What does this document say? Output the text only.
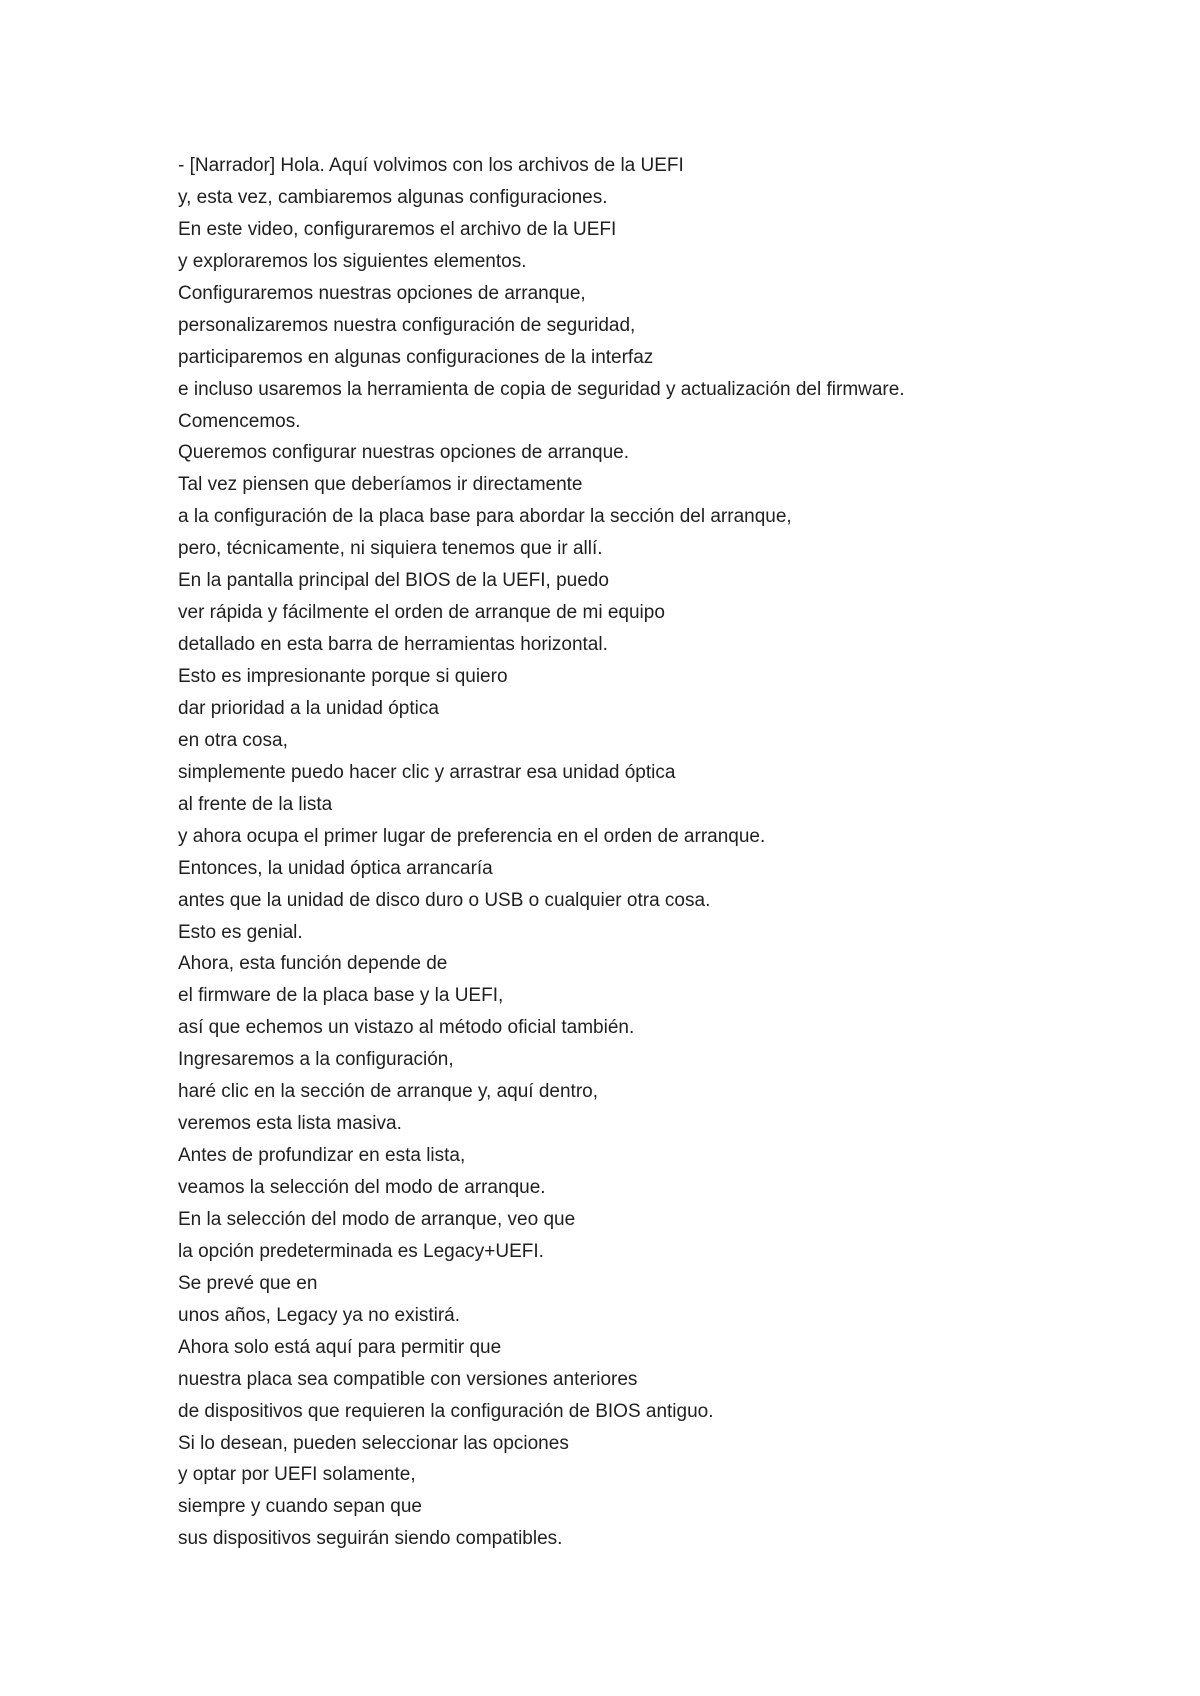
- [Narrador] Hola. Aquí volvimos con los archivos de la UEFI
y, esta vez, cambiaremos algunas configuraciones.
En este video, configuraremos el archivo de la UEFI
y exploraremos los siguientes elementos.
Configuraremos nuestras opciones de arranque,
personalizaremos nuestra configuración de seguridad,
participaremos en algunas configuraciones de la interfaz
e incluso usaremos la herramienta de copia de seguridad y actualización del firmware.
Comencemos.
Queremos configurar nuestras opciones de arranque.
Tal vez piensen que deberíamos ir directamente
a la configuración de la placa base para abordar la sección del arranque,
pero, técnicamente, ni siquiera tenemos que ir allí.
En la pantalla principal del BIOS de la UEFI, puedo
ver rápida y fácilmente el orden de arranque de mi equipo
detallado en esta barra de herramientas horizontal.
Esto es impresionante porque si quiero
dar prioridad a la unidad óptica
en otra cosa,
simplemente puedo hacer clic y arrastrar esa unidad óptica
al frente de la lista
y ahora ocupa el primer lugar de preferencia en el orden de arranque.
Entonces, la unidad óptica arrancaría
antes que la unidad de disco duro o USB o cualquier otra cosa.
Esto es genial.
Ahora, esta función depende de
el firmware de la placa base y la UEFI,
así que echemos un vistazo al método oficial también.
Ingresaremos a la configuración,
haré clic en la sección de arranque y, aquí dentro,
veremos esta lista masiva.
Antes de profundizar en esta lista,
veamos la selección del modo de arranque.
En la selección del modo de arranque, veo que
la opción predeterminada es Legacy+UEFI.
Se prevé que en
unos años, Legacy ya no existirá.
Ahora solo está aquí para permitir que
nuestra placa sea compatible con versiones anteriores
de dispositivos que requieren la configuración de BIOS antiguo.
Si lo desean, pueden seleccionar las opciones
y optar por UEFI solamente,
siempre y cuando sepan que
sus dispositivos seguirán siendo compatibles.
